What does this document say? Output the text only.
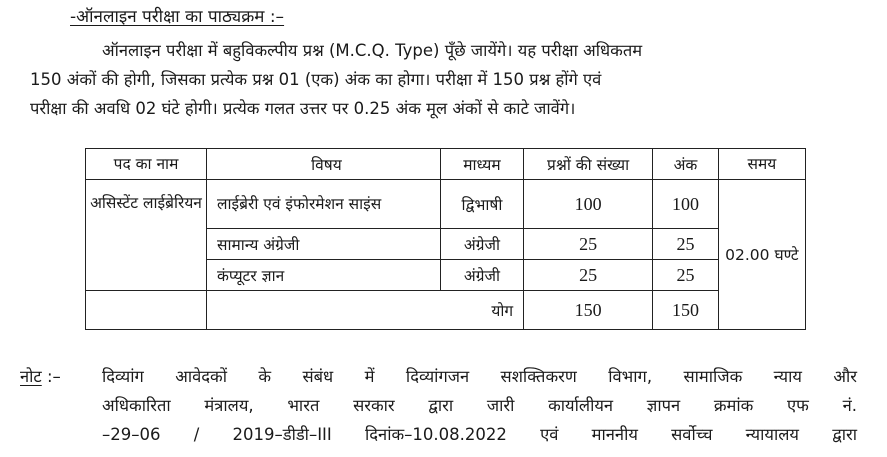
-ऑनलाइन परीक्षा का पाठ्यक्रम :–
ऑनलाइन परीक्षा में बहुविकल्पीय प्रश्न (M.C.Q. Type) पूँछे जायेंगे। यह परीक्षा अधिकतम
150 अंकों की होगी, जिसका प्रत्येक प्रश्न 01 (एक) अंक का होगा। परीक्षा में 150 प्रश्न होंगे एवं
परीक्षा की अवधि 02 घंटे होगी। प्रत्येक गलत उत्तर पर 0.25 अंक मूल अंकों से काटे जावेंगे।
पद का नाम	विषय	माध्यम	प्रश्नों की संख्या	अंक	समय
असिस्टेंट लाईब्रेरियन	लाईब्रेरी एवं इंफोरमेशन साइंस	द्विभाषी	100	100	02.00 घण्टे
	सामान्य अंग्रेजी	अंग्रेजी	25	25	
	कंप्यूटर ज्ञान	अंग्रेजी	25	25	
	योग		150	150	
नोट :– दिव्यांग आवेदकों के संबंध में दिव्यांगजन सशक्तिकरण विभाग, सामाजिक न्याय और
अधिकारिता मंत्रालय, भारत सरकार द्वारा जारी कार्यालीयन ज्ञापन क्रमांक एफ नं.
–29–06 / 2019–डीडी–III दिनांक–10.08.2022 एवं माननीय सर्वोच्च न्यायालय द्वारा
